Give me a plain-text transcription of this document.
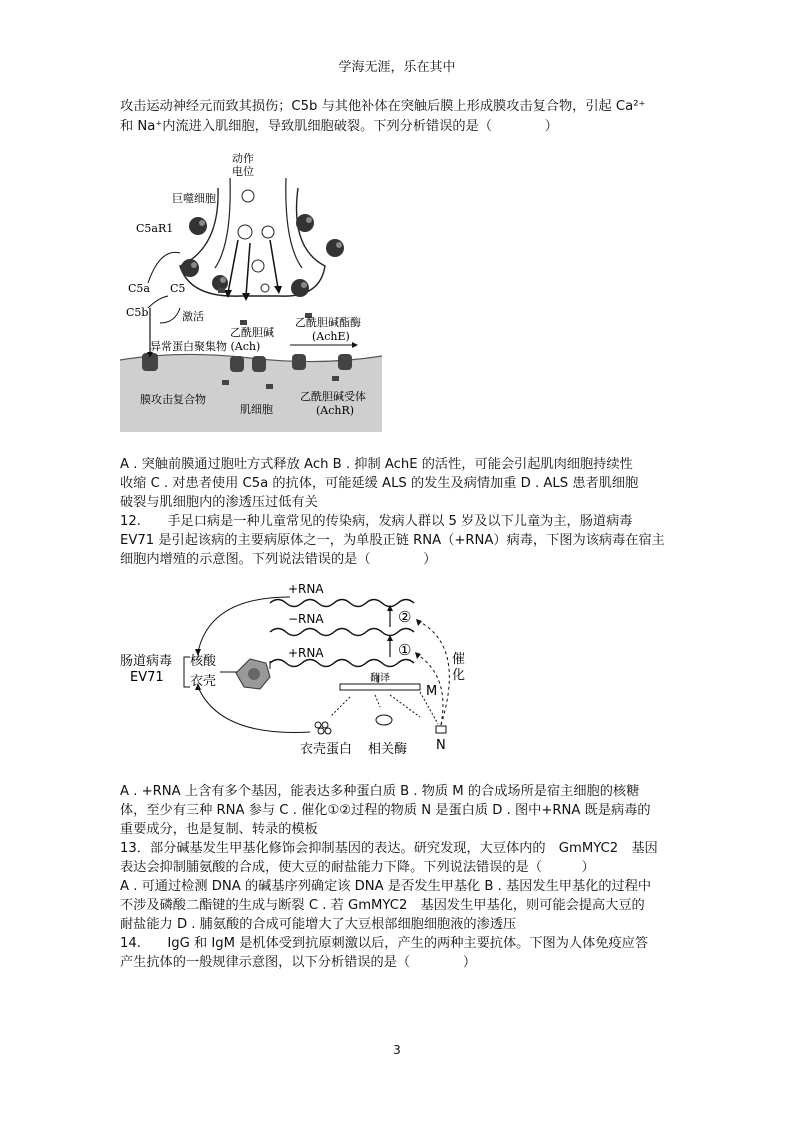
学海无涯，乐在其中
攻击运动神经元而致其损伤；C5b 与其他补体在突触后膜上形成膜攻击复合物，引起 Ca²⁺
和 Na⁺内流进入肌细胞，导致肌细胞破裂。下列分析错误的是（　　　　）
动作
电位
巨噬细胞
C5aR1
C5a C5
C5b	激活
乙酰胆碱
异常蛋白聚集物 (Ach)
乙酰胆碱酯酶
(AchE)
膜攻击复合物
肌细胞
乙酰胆碱受体
(AchR)
A . 突触前膜通过胞吐方式释放 Ach B . 抑制 AchE 的活性，可能会引起肌肉细胞持续性
收缩 C . 对患者使用 C5a 的抗体，可能延缓 ALS 的发生及病情加重 D . ALS 患者肌细胞
破裂与肌细胞内的渗透压过低有关
12.　　手足口病是一种儿童常见的传染病，发病人群以 5 岁及以下儿童为主，肠道病毒
EV71 是引起该病的主要病原体之一，为单股正链 RNA（+RNA）病毒，下图为该病毒在宿主
细胞内增殖的示意图。下列说法错误的是（　　　　）
②
①
+RNA
−RNA
+RNA
肠道病毒
EV71
核酸
衣壳	翻译
M
N
催
化
衣壳蛋白 相关酶
A . +RNA 上含有多个基因，能表达多种蛋白质 B . 物质 M 的合成场所是宿主细胞的核糖
体，至少有三种 RNA 参与 C . 催化①②过程的物质 N 是蛋白质 D . 图中+RNA 既是病毒的
重要成分，也是复制、转录的模板
13．部分碱基发生甲基化修饰会抑制基因的表达。研究发现，大豆体内的　GmMYC2　基因
表达会抑制脯氨酸的合成，使大豆的耐盐能力下降。下列说法错误的是（　　　）
A . 可通过检测 DNA 的碱基序列确定该 DNA 是否发生甲基化 B . 基因发生甲基化的过程中
不涉及磷酸二酯键的生成与断裂 C . 若 GmMYC2　基因发生甲基化，则可能会提高大豆的
耐盐能力 D . 脯氨酸的合成可能增大了大豆根部细胞细胞液的渗透压
14.　　IgG 和 IgM 是机体受到抗原刺激以后，产生的两种主要抗体。下图为人体免疫应答
产生抗体的一般规律示意图，以下分析错误的是（　　　　）
3
